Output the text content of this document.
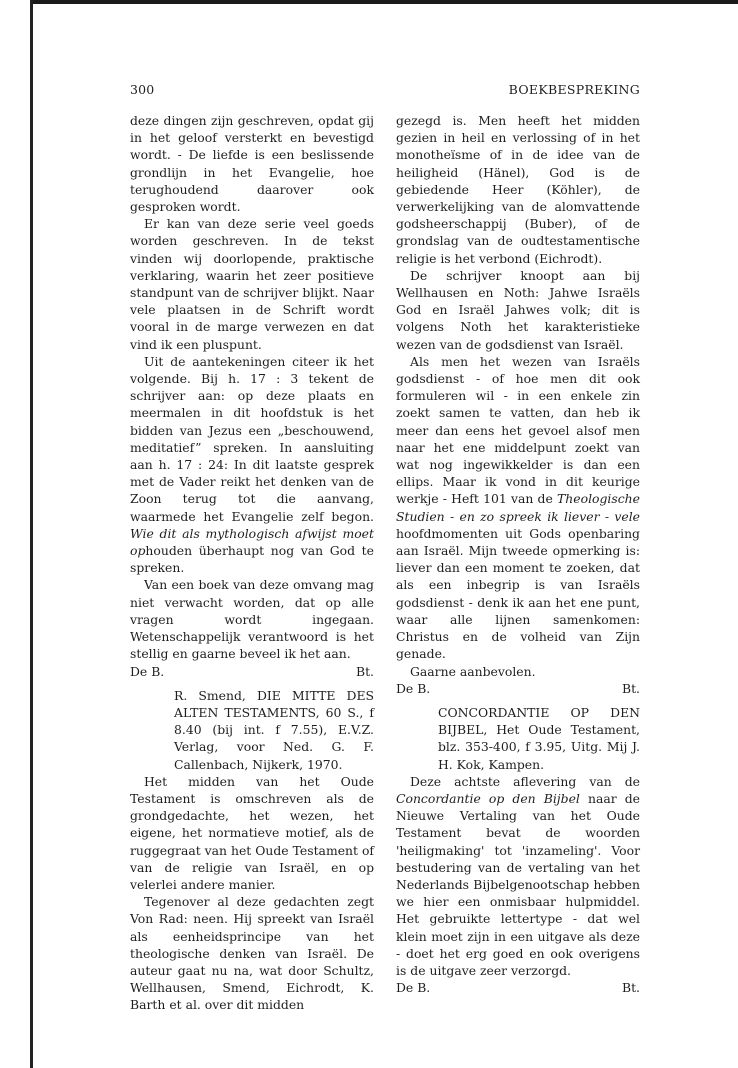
300	BOEKBESPREKING

deze dingen zijn geschreven, opdat gij in het geloof versterkt en bevestigd wordt. - De liefde is een beslissende grondlijn in het Evangelie, hoe terughoudend daarover ook gesproken wordt.

Er kan van deze serie veel goeds worden geschreven. In de tekst vinden wij doorlopende, praktische verklaring, waarin het zeer positieve standpunt van de schrijver blijkt. Naar vele plaatsen in de Schrift wordt vooral in de marge verwezen en dat vind ik een pluspunt.

Uit de aantekeningen citeer ik het volgende. Bij h. 17 : 3 tekent de schrijver aan: op deze plaats en meermalen in dit hoofdstuk is het bidden van Jezus een „beschouwend, meditatief” spreken. In aansluiting aan h. 17 : 24: In dit laatste gesprek met de Vader reikt het denken van de Zoon terug tot die aanvang, waarmede het Evangelie zelf begon. Wie dit als mythologisch afwijst moet ophouden überhaupt nog van God te spreken.

Van een boek van deze omvang mag niet verwacht worden, dat op alle vragen wordt ingegaan. Wetenschappelijk verantwoord is het stellig en gaarne beveel ik het aan.

De B.	Bt.

R. Smend, DIE MITTE DES ALTEN TESTAMENTS, 60 S., f 8.40 (bij int. f 7.55), E.V.Z. Verlag, voor Ned. G. F. Callenbach, Nijkerk, 1970.

Het midden van het Oude Testament is omschreven als de grondgedachte, het wezen, het eigene, het normatieve motief, als de ruggegraat van het Oude Testament of van de religie van Israël, en op velerlei andere manier.

Tegenover al deze gedachten zegt Von Rad: neen. Hij spreekt van Israël als eenheidsprincipe van het theologische denken van Israël. De auteur gaat nu na, wat door Schultz, Wellhausen, Smend, Eichrodt, K. Barth et al. over dit midden

gezegd is. Men heeft het midden gezien in heil en verlossing of in het monotheïsme of in de idee van de heiligheid (Hänel), God is de gebiedende Heer (Köhler), de verwerkelijking van de alomvattende godsheerschappij (Buber), of de grondslag van de oudtestamentische religie is het verbond (Eichrodt).

De schrijver knoopt aan bij Wellhausen en Noth: Jahwe Israëls God en Israël Jahwes volk; dit is volgens Noth het karakteristieke wezen van de godsdienst van Israël.

Als men het wezen van Israëls godsdienst - of hoe men dit ook formuleren wil - in een enkele zin zoekt samen te vatten, dan heb ik meer dan eens het gevoel alsof men naar het ene middelpunt zoekt van wat nog ingewikkelder is dan een ellips. Maar ik vond in dit keurige werkje - Heft 101 van de Theologische Studien - en zo spreek ik liever - vele hoofdmomenten uit Gods openbaring aan Israël. Mijn tweede opmerking is: liever dan een moment te zoeken, dat als een inbegrip is van Israëls godsdienst - denk ik aan het ene punt, waar alle lijnen samenkomen: Christus en de volheid van Zijn genade.

Gaarne aanbevolen.

De B.	Bt.

CONCORDANTIE OP DEN BIJBEL, Het Oude Testament, blz. 353-400, f 3.95, Uitg. Mij J. H. Kok, Kampen.

Deze achtste aflevering van de Concordantie op den Bijbel naar de Nieuwe Vertaling van het Oude Testament bevat de woorden 'heiligmaking' tot 'inzameling'. Voor bestudering van de vertaling van het Nederlands Bijbelgenootschap hebben we hier een onmisbaar hulpmiddel. Het gebruikte lettertype - dat wel klein moet zijn in een uitgave als deze - doet het erg goed en ook overigens is de uitgave zeer verzorgd.

De B.	Bt.
